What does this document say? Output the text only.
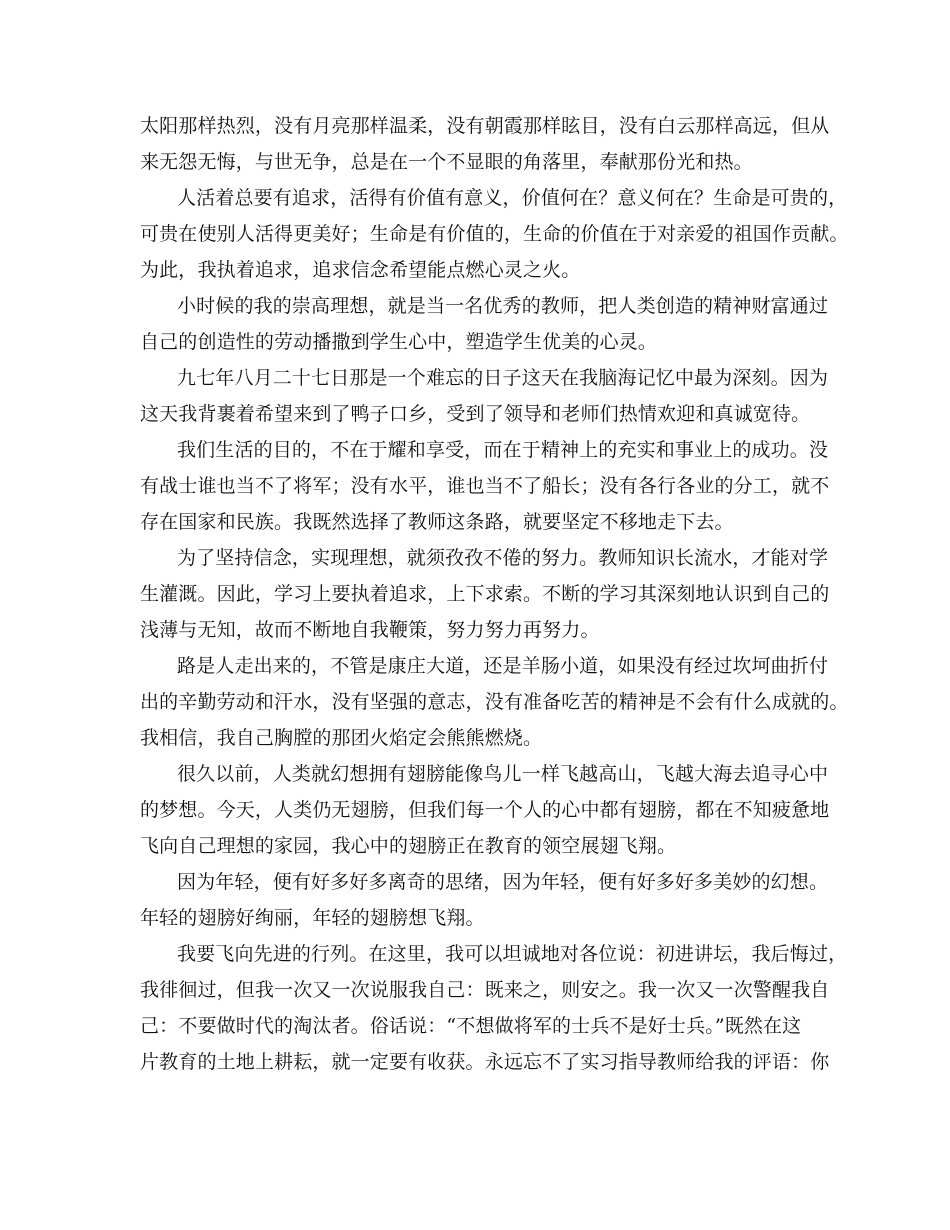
太阳那样热烈，没有月亮那样温柔，没有朝霞那样眩目，没有白云那样高远，但从
来无怨无悔，与世无争，总是在一个不显眼的角落里，奉献那份光和热。
人活着总要有追求，活得有价值有意义，价值何在？意义何在？生命是可贵的，
可贵在使别人活得更美好；生命是有价值的，生命的价值在于对亲爱的祖国作贡献。
为此，我执着追求，追求信念希望能点燃心灵之火。
小时候的我的崇高理想，就是当一名优秀的教师，把人类创造的精神财富通过
自己的创造性的劳动播撒到学生心中，塑造学生优美的心灵。
九七年八月二十七日那是一个难忘的日子这天在我脑海记忆中最为深刻。因为
这天我背裹着希望来到了鸭子口乡，受到了领导和老师们热情欢迎和真诚宽待。
我们生活的目的，不在于耀和享受，而在于精神上的充实和事业上的成功。没
有战士谁也当不了将军；没有水平，谁也当不了船长；没有各行各业的分工，就不
存在国家和民族。我既然选择了教师这条路，就要坚定不移地走下去。
为了坚持信念，实现理想，就须孜孜不倦的努力。教师知识长流水，才能对学
生灌溉。因此，学习上要执着追求，上下求索。不断的学习其深刻地认识到自己的
浅薄与无知，故而不断地自我鞭策，努力努力再努力。
路是人走出来的，不管是康庄大道，还是羊肠小道，如果没有经过坎坷曲折付
出的辛勤劳动和汗水，没有坚强的意志，没有准备吃苦的精神是不会有什么成就的。
我相信，我自己胸膛的那团火焰定会熊熊燃烧。
很久以前，人类就幻想拥有翅膀能像鸟儿一样飞越高山，飞越大海去追寻心中
的梦想。今天，人类仍无翅膀，但我们每一个人的心中都有翅膀，都在不知疲惫地
飞向自己理想的家园，我心中的翅膀正在教育的领空展翅飞翔。
因为年轻，便有好多好多离奇的思绪，因为年轻，便有好多好多美妙的幻想。
年轻的翅膀好绚丽，年轻的翅膀想飞翔。
我要飞向先进的行列。在这里，我可以坦诚地对各位说：初进讲坛，我后悔过，
我徘徊过，但我一次又一次说服我自己：既来之，则安之。我一次又一次警醒我自
己：不要做时代的淘汰者。俗话说：“不想做将军的士兵不是好士兵。”既然在这
片教育的土地上耕耘，就一定要有收获。永远忘不了实习指导教师给我的评语：你
